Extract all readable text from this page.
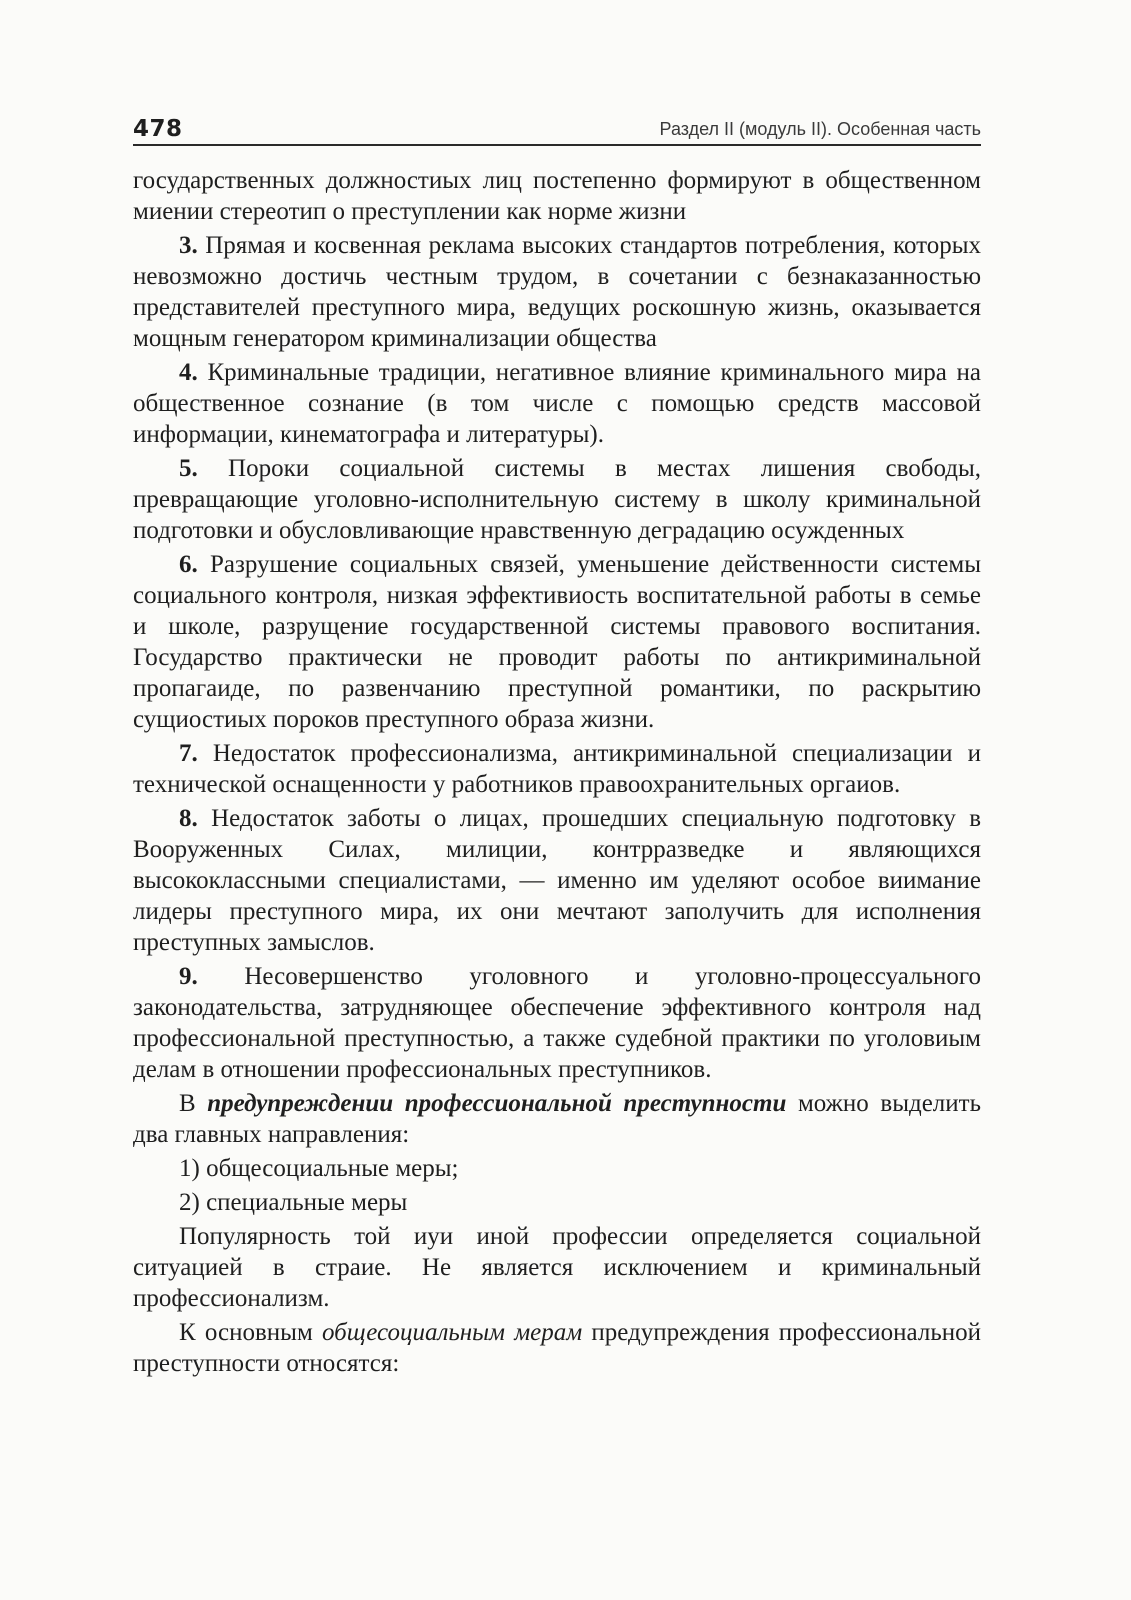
478	Раздел II (модуль II). Особенная часть

государственных должностиых лиц постепенно формируют в общественном миении стереотип о преступлении как норме жизни

3. Прямая и косвенная реклама высоких стандартов потребления, которых невозможно достичь честным трудом, в сочетании с безнаказанностью представителей преступного мира, ведущих роскошную жизнь, оказывается мощным генератором криминализации общества

4. Криминальные традиции, негативное влияние криминального мира на общественное сознание (в том числе с помощью средств массовой информации, кинематографа и литературы).

5. Пороки социальной системы в местах лишения свободы, превращающие уголовно-исполнительную систему в школу криминальной подготовки и обусловливающие нравственную деградацию осужденных

6. Разрушение социальных связей, уменьшение действенности системы социального контроля, низкая эффективиость воспитательной работы в семье и школе, разрущение государственной системы правового воспитания. Государство практически не проводит работы по антикриминальной пропагаиде, по развенчанию преступной романтики, по раскрытию сущиостиых пороков преступного образа жизни.

7. Недостаток профессионализма, антикриминальной специализации и технической оснащенности у работников правоохранительных оргаиов.

8. Недостаток заботы о лицах, прошедших специальную подготовку в Вооруженных Силах, милиции, контрразведке и являющихся высококлассными специалистами, — именно им уделяют особое виимание лидеры преступного мира, их они мечтают заполучить для исполнения преступных замыслов.

9. Несовершенство уголовного и уголовно-процессуального законодательства, затрудняющее обеспечение эффективного контроля над профессиональной преступностью, а также судебной практики по уголовиым делам в отношении профессиональных преступников.

В предупреждении профессиональной преступности можно выделить два главных направления:

1) общесоциальные меры;

2) специальные меры

Популярность той иуи иной профессии определяется социальной ситуацией в страие. Не является исключением и криминальный профессионализм.

К основным общесоциальным мерам предупреждения профессиональной преступности относятся:
